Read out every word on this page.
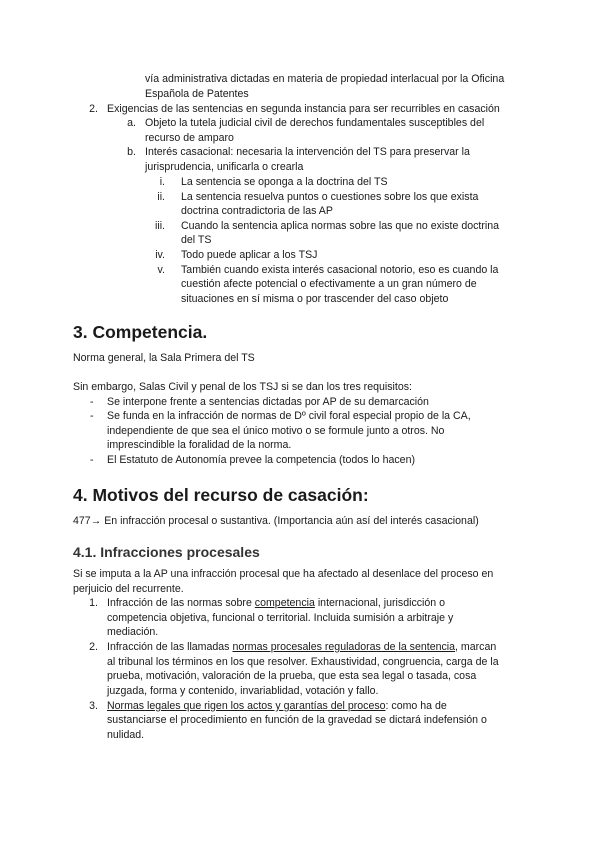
vía administrativa dictadas en materia de propiedad interlacual por la Oficina

Española de Patentes

2. Exigencias de las sentencias en segunda instancia para ser recurribles en casación

a. Objeto la tutela judicial civil de derechos fundamentales susceptibles del

recurso de amparo

b. Interés casacional: necesaria la intervención del TS para preservar la

jurisprudencia, unificarla o crearla

i. La sentencia se oponga a la doctrina del TS

ii. La sentencia resuelva puntos o cuestiones sobre los que exista

doctrina contradictoria de las AP

iii. Cuando la sentencia aplica normas sobre las que no existe doctrina

del TS

iv. Todo puede aplicar a los TSJ

v. También cuando exista interés casacional notorio, eso es cuando la

cuestión afecte potencial o efectivamente a un gran número de

situaciones en sí misma o por trascender del caso objeto

3. Competencia.

Norma general, la Sala Primera del TS

Sin embargo, Salas Civil y penal de los TSJ si se dan los tres requisitos:

- Se interpone frente a sentencias dictadas por AP de su demarcación

- Se funda en la infracción de normas de Dº civil foral especial propio de la CA,

independiente de que sea el único motivo o se formule junto a otros. No

imprescindible la foralidad de la norma.

- El Estatuto de Autonomía prevee la competencia (todos lo hacen)

4. Motivos del recurso de casación:

477→ En infracción procesal o sustantiva. (Importancia aún así del interés casacional)

4.1. Infracciones procesales

Si se imputa a la AP una infracción procesal que ha afectado al desenlace del proceso en

perjuicio del recurrente.

1. Infracción de las normas sobre competencia internacional, jurisdicción o

competencia objetiva, funcional o territorial. Incluida sumisión a arbitraje y

mediación.

2. Infracción de las llamadas normas procesales reguladoras de la sentencia, marcan

al tribunal los términos en los que resolver. Exhaustividad, congruencia, carga de la

prueba, motivación, valoración de la prueba, que esta sea legal o tasada, cosa

juzgada, forma y contenido, invariablidad, votación y fallo.

3. Normas legales que rigen los actos y garantías del proceso: como ha de

sustanciarse el procedimiento en función de la gravedad se dictará indefensión o

nulidad.
